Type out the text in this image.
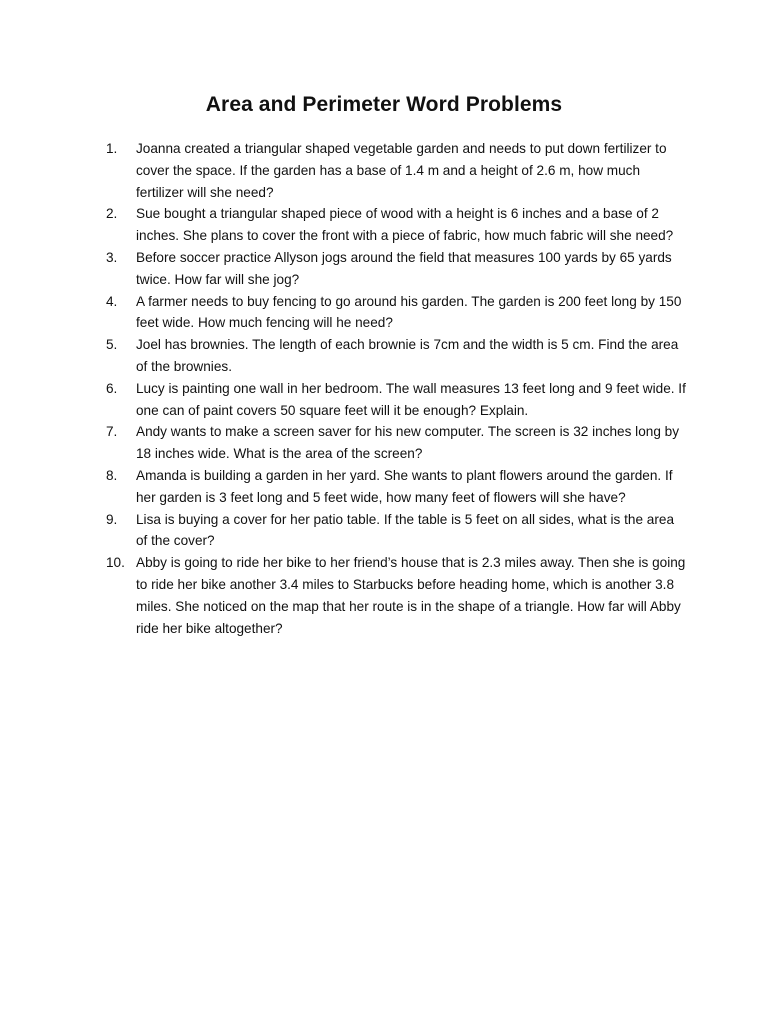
Area and Perimeter Word Problems
1.	Joanna created a triangular shaped vegetable garden and needs to put down fertilizer to cover the space. If the garden has a base of 1.4 m and a height of 2.6 m, how much fertilizer will she need?
2.	Sue bought a triangular shaped piece of wood with a height is 6 inches and a base of 2 inches. She plans to cover the front with a piece of fabric, how much fabric will she need?
3.	Before soccer practice Allyson jogs around the field that measures 100 yards by 65 yards twice. How far will she jog?
4.	A farmer needs to buy fencing to go around his garden. The garden is 200 feet long by 150 feet wide. How much fencing will he need?
5.	Joel has brownies. The length of each brownie is 7cm and the width is 5 cm. Find the area of the brownies.
6.	Lucy is painting one wall in her bedroom. The wall measures 13 feet long and 9 feet wide. If one can of paint covers 50 square feet will it be enough? Explain.
7.	Andy wants to make a screen saver for his new computer. The screen is 32 inches long by 18 inches wide. What is the area of the screen?
8.	Amanda is building a garden in her yard. She wants to plant flowers around the garden. If her garden is 3 feet long and 5 feet wide, how many feet of flowers will she have?
9.	Lisa is buying a cover for her patio table. If the table is 5 feet on all sides, what is the area of the cover?
10. Abby is going to ride her bike to her friend’s house that is 2.3 miles away. Then she is going to ride her bike another 3.4 miles to Starbucks before heading home, which is another 3.8 miles. She noticed on the map that her route is in the shape of a triangle. How far will Abby ride her bike altogether?
